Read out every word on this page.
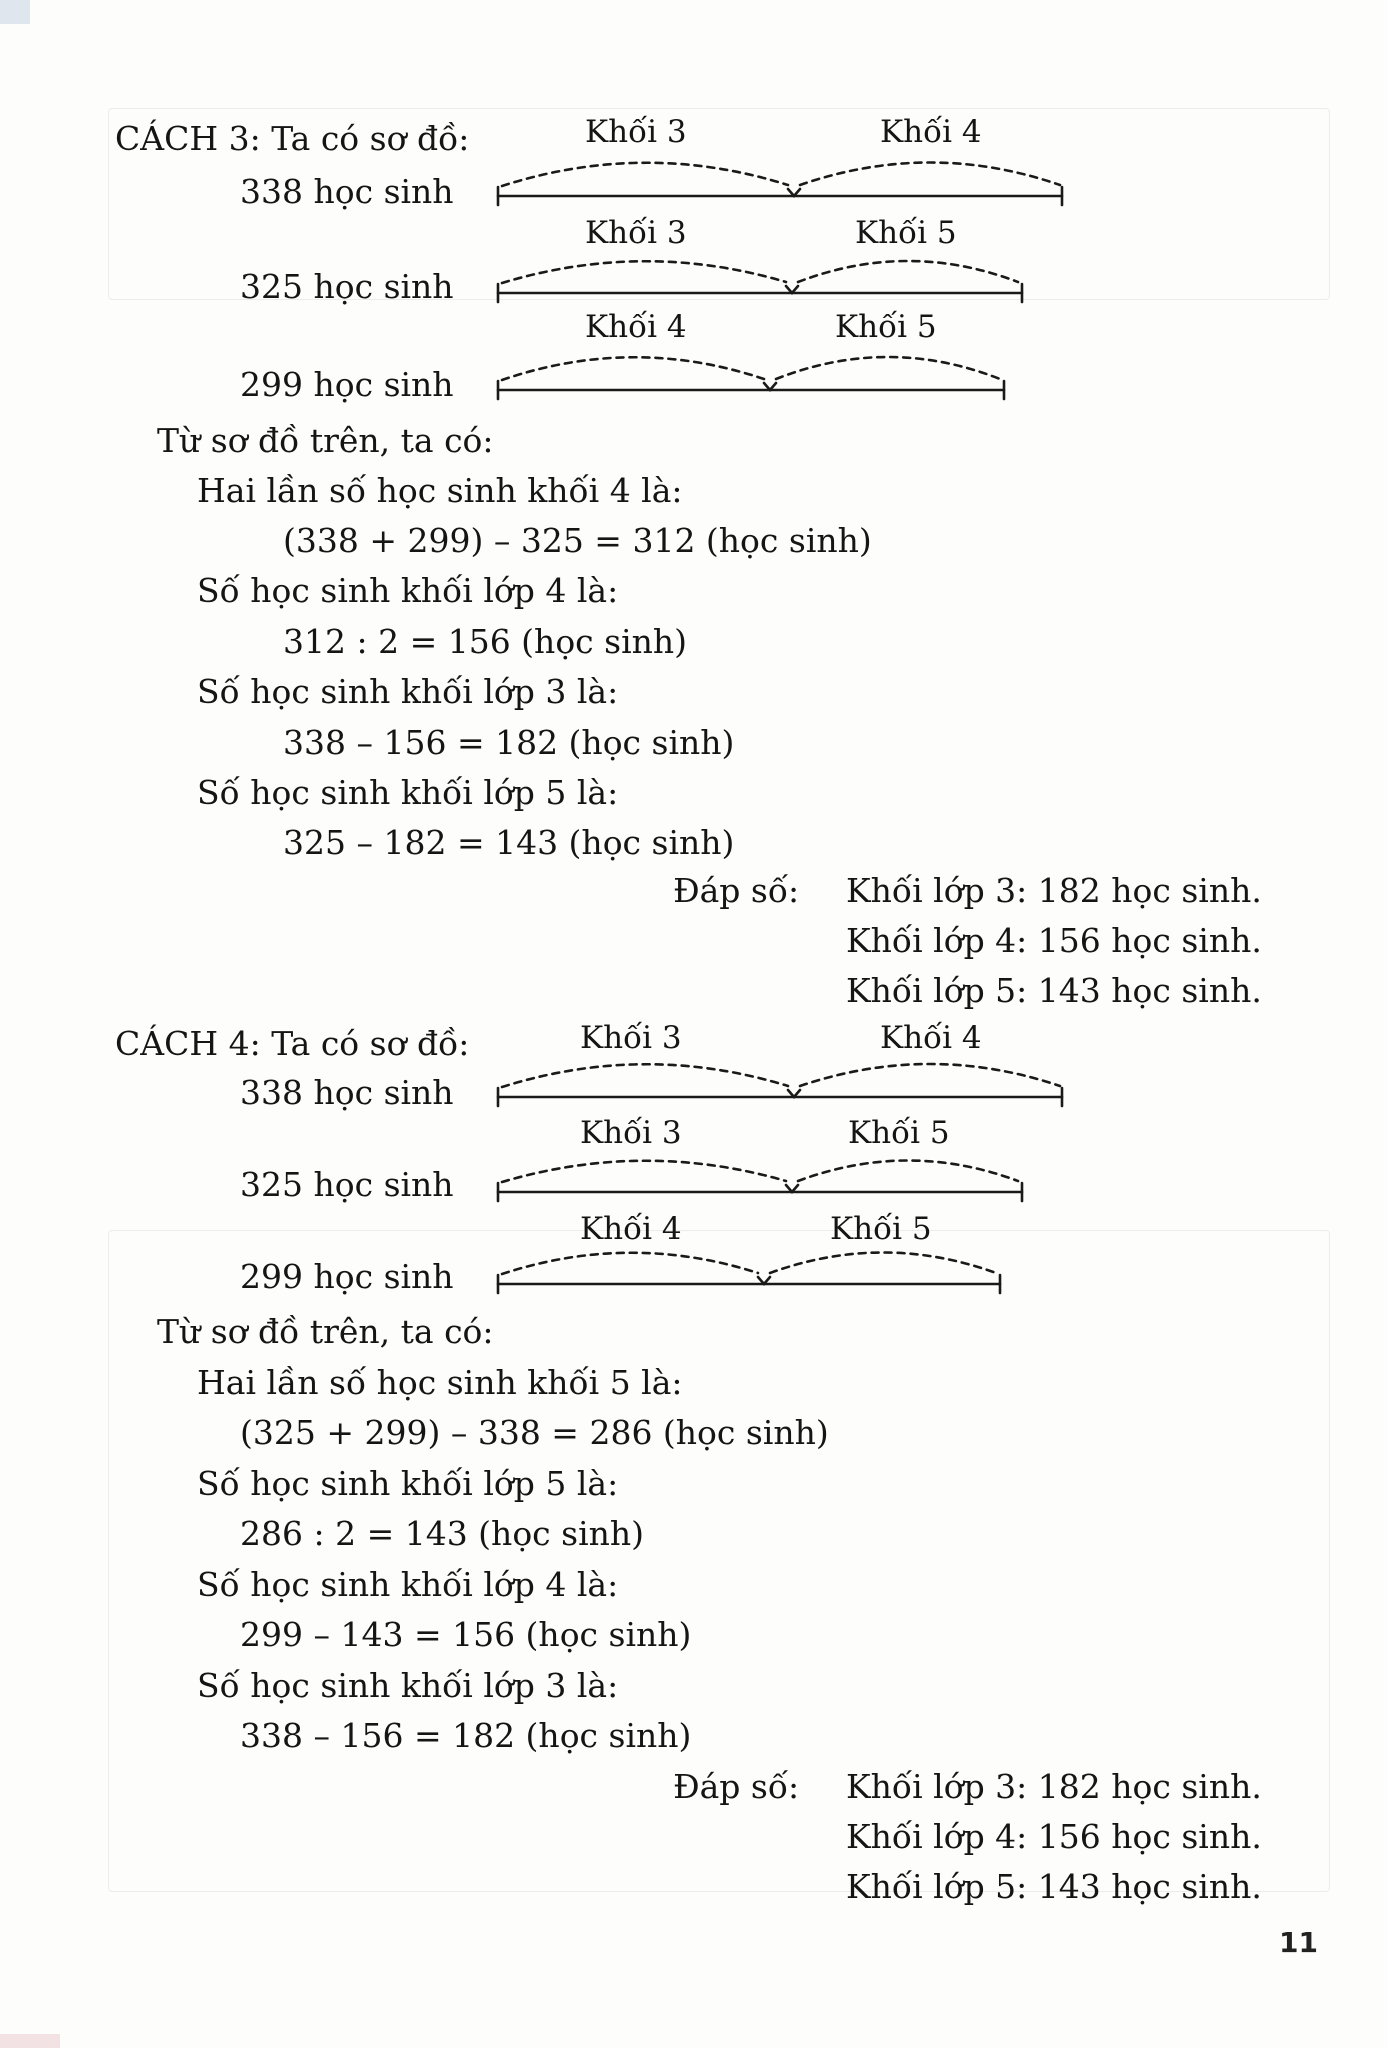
CÁCH 3: Ta có sơ đồ:	Khối 3	Khối 4
338 học sinh
Khối 3	Khối 5
325 học sinh
Khối 4	Khối 5
299 học sinh
Từ sơ đồ trên, ta có:
Hai lần số học sinh khối 4 là:
(338 + 299) – 325 = 312 (học sinh)
Số học sinh khối lớp 4 là:
312 : 2 = 156 (học sinh)
Số học sinh khối lớp 3 là:
338 – 156 = 182 (học sinh)
Số học sinh khối lớp 5 là:
325 – 182 = 143 (học sinh)
Đáp số: Khối lớp 3: 182 học sinh.
Khối lớp 4: 156 học sinh.
Khối lớp 5: 143 học sinh.
CÁCH 4: Ta có sơ đồ:	Khối 3	Khối 4
338 học sinh
Khối 3	Khối 5
325 học sinh
Khối 4	Khối 5
299 học sinh
Từ sơ đồ trên, ta có:
Hai lần số học sinh khối 5 là:
(325 + 299) – 338 = 286 (học sinh)
Số học sinh khối lớp 5 là:
286 : 2 = 143 (học sinh)
Số học sinh khối lớp 4 là:
299 – 143 = 156 (học sinh)
Số học sinh khối lớp 3 là:
338 – 156 = 182 (học sinh)
Đáp số: Khối lớp 3: 182 học sinh.
Khối lớp 4: 156 học sinh.
Khối lớp 5: 143 học sinh.
11
